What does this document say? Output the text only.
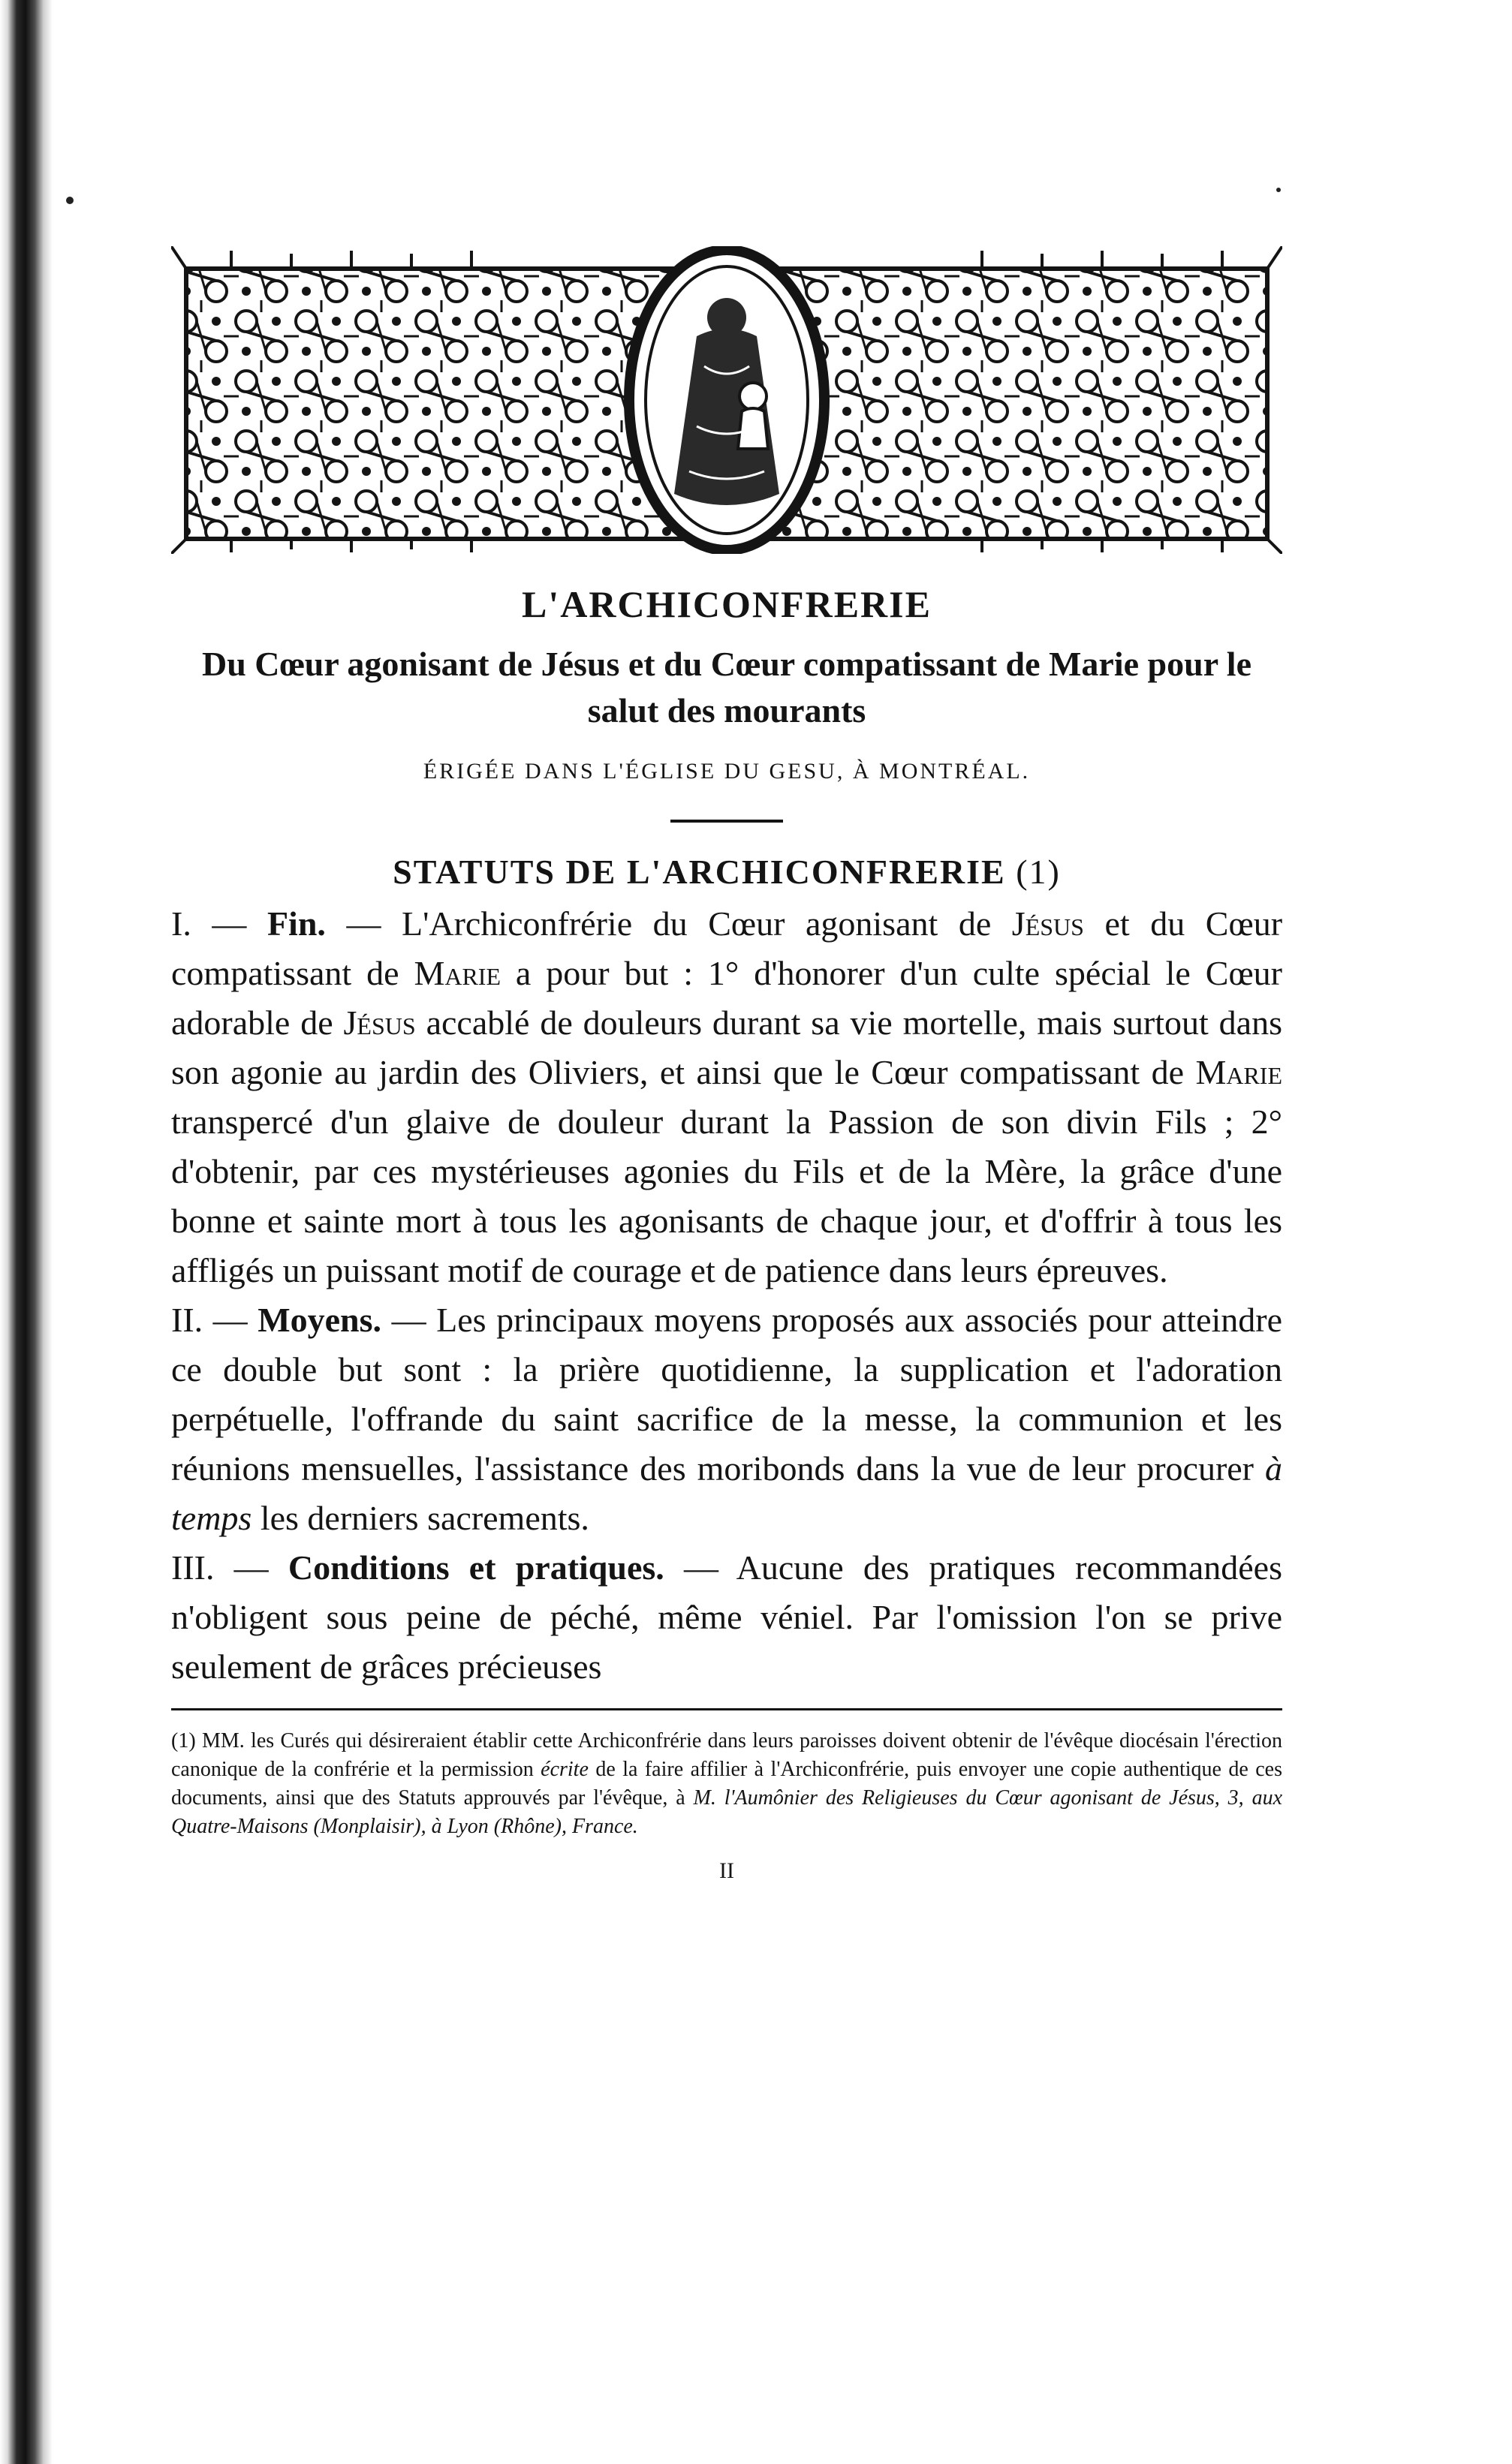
L'ARCHICONFRERIE

Du Cœur agonisant de Jésus et du Cœur compatissant de Marie pour le salut des mourants

ÉRIGÉE DANS L'ÉGLISE DU GESU, À MONTRÉAL.

STATUTS DE L'ARCHICONFRERIE (1)

I. — Fin. — L'Archiconfrérie du Cœur agonisant de Jésus et du Cœur compatissant de Marie a pour but : 1° d'honorer d'un culte spécial le Cœur adorable de Jésus accablé de douleurs durant sa vie mortelle, mais surtout dans son agonie au jardin des Oliviers, et ainsi que le Cœur compatissant de Marie transpercé d'un glaive de douleur durant la Passion de son divin Fils ; 2° d'obtenir, par ces mystérieuses agonies du Fils et de la Mère, la grâce d'une bonne et sainte mort à tous les agonisants de chaque jour, et d'offrir à tous les affligés un puissant motif de courage et de patience dans leurs épreuves.

II. — Moyens. — Les principaux moyens proposés aux associés pour atteindre ce double but sont : la prière quotidienne, la supplication et l'adoration perpétuelle, l'offrande du saint sacrifice de la messe, la communion et les réunions mensuelles, l'assistance des moribonds dans la vue de leur procurer à temps les derniers sacrements.

III. — Conditions et pratiques. — Aucune des pratiques recommandées n'obligent sous peine de péché, même véniel. Par l'omission l'on se prive seulement de grâces précieuses

(1) MM. les Curés qui désireraient établir cette Archiconfrérie dans leurs paroisses doivent obtenir de l'évêque diocésain l'érection canonique de la confrérie et la permission écrite de la faire affilier à l'Archiconfrérie, puis envoyer une copie authentique de ces documents, ainsi que des Statuts approuvés par l'évêque, à M. l'Aumônier des Religieuses du Cœur agonisant de Jésus, 3, aux Quatre-Maisons (Monplaisir), à Lyon (Rhône), France.

II
